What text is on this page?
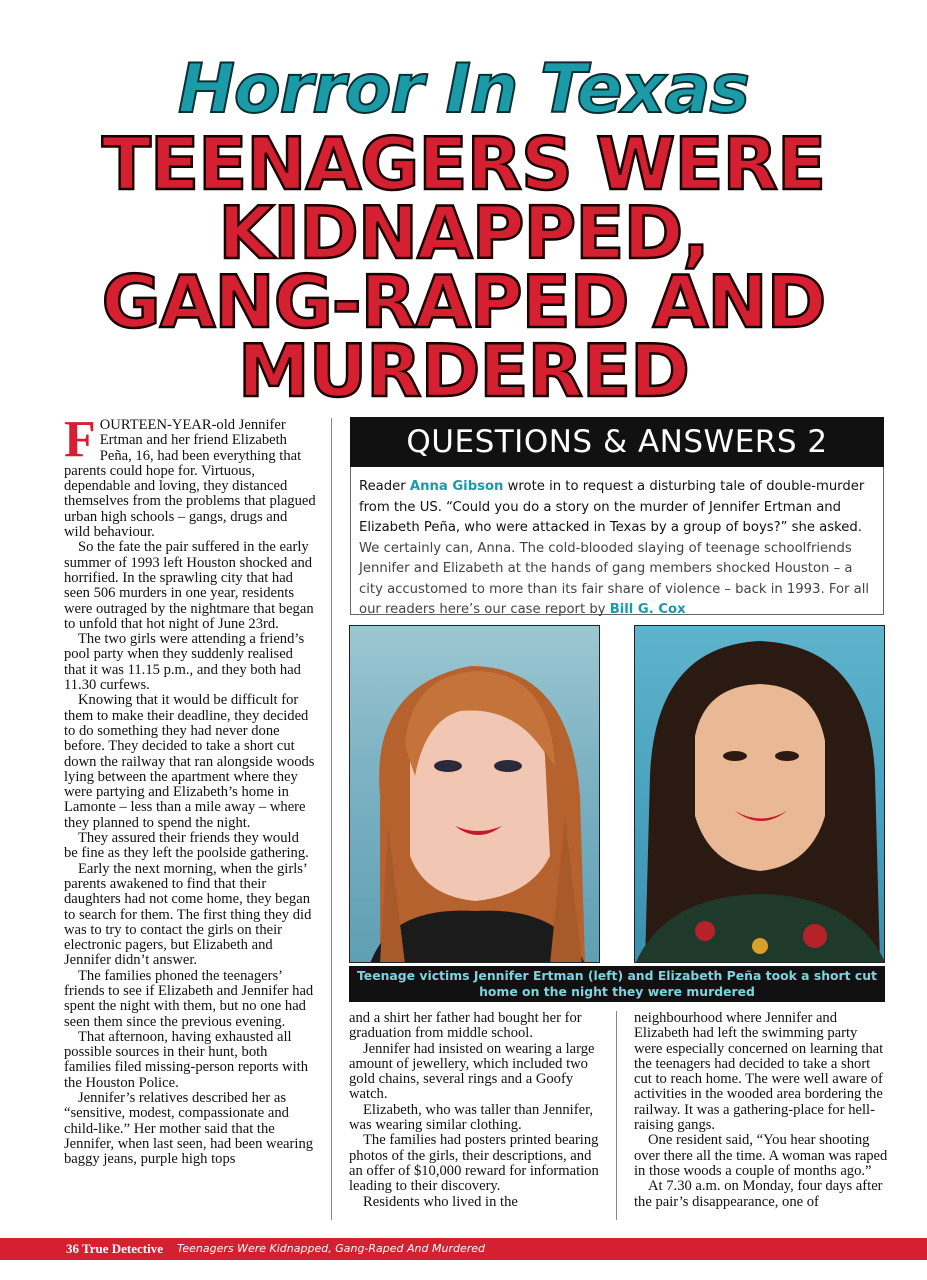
Horror In Texas
TEENAGERS WERE
KIDNAPPED,
GANG-RAPED AND
MURDERED

FOURTEEN-YEAR-old Jennifer Ertman and her friend Elizabeth Peña, 16, had been everything that parents could hope for. Virtuous, dependable and loving, they distanced themselves from the problems that plagued urban high schools – gangs, drugs and wild behaviour.

So the fate the pair suffered in the early summer of 1993 left Houston shocked and horrified. In the sprawling city that had seen 506 murders in one year, residents were outraged by the nightmare that began to unfold that hot night of June 23rd.

The two girls were attending a friend’s pool party when they suddenly realised that it was 11.15 p.m., and they both had 11.30 curfews.

Knowing that it would be difficult for them to make their deadline, they decided to do something they had never done before. They decided to take a short cut down the railway that ran alongside woods lying between the apartment where they were partying and Elizabeth’s home in Lamonte – less than a mile away – where they planned to spend the night.

They assured their friends they would be fine as they left the poolside gathering.

Early the next morning, when the girls’ parents awakened to find that their daughters had not come home, they began to search for them. The first thing they did was to try to contact the girls on their electronic pagers, but Elizabeth and Jennifer didn’t answer.

The families phoned the teenagers’ friends to see if Elizabeth and Jennifer had spent the night with them, but no one had seen them since the previous evening.

That afternoon, having exhausted all possible sources in their hunt, both families filed missing-person reports with the Houston Police.

Jennifer’s relatives described her as “sensitive, modest, compassionate and child-like.” Her mother said that the Jennifer, when last seen, had been wearing baggy jeans, purple high tops

QUESTIONS & ANSWERS 2
Reader Anna Gibson wrote in to request a disturbing tale of double-murder from the US. “Could you do a story on the murder of Jennifer Ertman and Elizabeth Peña, who were attacked in Texas by a group of boys?” she asked. We certainly can, Anna. The cold-blooded slaying of teenage schoolfriends Jennifer and Elizabeth at the hands of gang members shocked Houston – a city accustomed to more than its fair share of violence – back in 1993. For all our readers here’s our case report by Bill G. Cox
Teenage victims Jennifer Ertman (left) and Elizabeth Peña took a short cut
home on the night they were murdered

and a shirt her father had bought her for graduation from middle school.

Jennifer had insisted on wearing a large amount of jewellery, which included two gold chains, several rings and a Goofy watch.

Elizabeth, who was taller than Jennifer, was wearing similar clothing.

The families had posters printed bearing photos of the girls, their descriptions, and an offer of $10,000 reward for information leading to their discovery.

Residents who lived in the

neighbourhood where Jennifer and Elizabeth had left the swimming party were especially concerned on learning that the teenagers had decided to take a short cut to reach home. The were well aware of activities in the wooded area bordering the railway. It was a gathering-place for hell-raising gangs.

One resident said, “You hear shooting over there all the time. A woman was raped in those woods a couple of months ago.”

At 7.30 a.m. on Monday, four days after the pair’s disappearance, one of

36 True Detective Teenagers Were Kidnapped, Gang-Raped And Murdered
